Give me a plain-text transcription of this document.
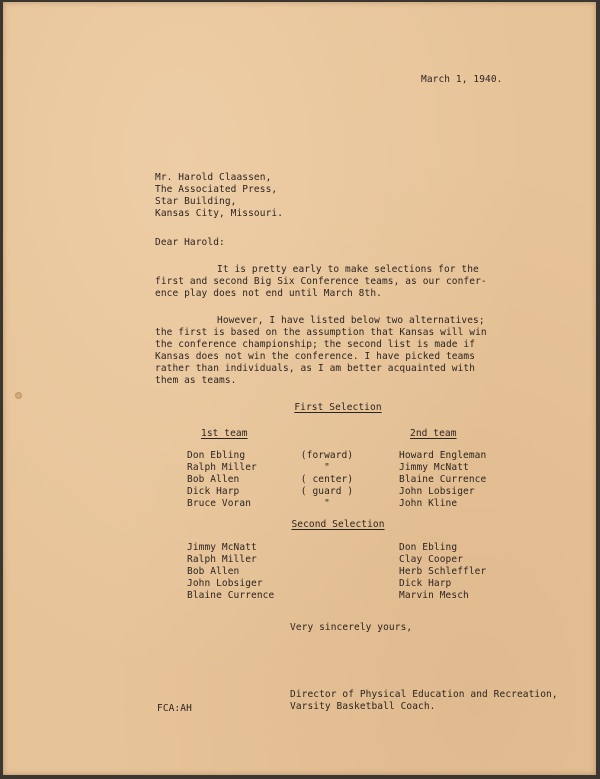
March 1, 1940.
Mr. Harold Claassen,
The Associated Press,
Star Building,
Kansas City, Missouri.
Dear Harold:
It is pretty early to make selections for the
first and second Big Six Conference teams, as our confer-
ence play does not end until March 8th.
However, I have listed below two alternatives;
the first is based on the assumption that Kansas will win
the conference championship; the second list is made if
Kansas does not win the conference. I have picked teams
rather than individuals, as I am better acquainted with
them as teams.
First Selection
1st team	2nd team
Don Ebling
Ralph Miller
Bob Allen
Dick Harp
Bruce Voran
(forward)
"
( center)
( guard )
"
Howard Engleman
Jimmy McNatt
Blaine Currence
John Lobsiger
John Kline
Second Selection
Jimmy McNatt
Ralph Miller
Bob Allen
John Lobsiger
Blaine Currence
Don Ebling
Clay Cooper
Herb Schleffler
Dick Harp
Marvin Mesch
Very sincerely yours,
FCA:AH
Director of Physical Education and Recreation,
Varsity Basketball Coach.
